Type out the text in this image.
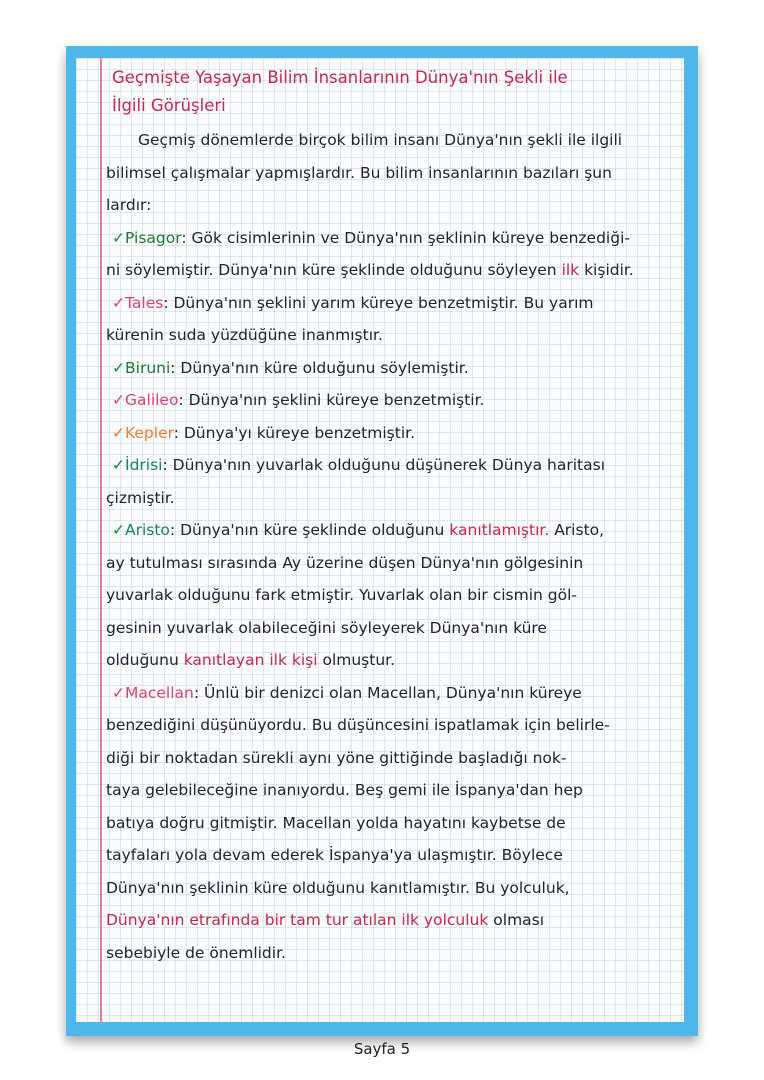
Geçmişte Yaşayan Bilim İnsanlarının Dünya'nın Şekli ile
İlgili Görüşleri
Geçmiş dönemlerde birçok bilim insanı Dünya'nın şekli ile ilgili
bilimsel çalışmalar yapmışlardır. Bu bilim insanlarının bazıları şun
lardır:
✓Pisagor: Gök cisimlerinin ve Dünya'nın şeklinin küreye benzediği-
ni söylemiştir. Dünya'nın küre şeklinde olduğunu söyleyen ilk kişidir.
✓Tales: Dünya'nın şeklini yarım küreye benzetmiştir. Bu yarım
kürenin suda yüzdüğüne inanmıştır.
✓Biruni: Dünya'nın küre olduğunu söylemiştir.
✓Galileo: Dünya'nın şeklini küreye benzetmiştir.
✓Kepler: Dünya'yı küreye benzetmiştir.
✓İdrisi: Dünya'nın yuvarlak olduğunu düşünerek Dünya haritası
çizmiştir.
✓Aristo: Dünya'nın küre şeklinde olduğunu kanıtlamıştır. Aristo,
ay tutulması sırasında Ay üzerine düşen Dünya'nın gölgesinin
yuvarlak olduğunu fark etmiştir. Yuvarlak olan bir cismin göl-
gesinin yuvarlak olabileceğini söyleyerek Dünya'nın küre
olduğunu kanıtlayan ilk kişi olmuştur.
✓Macellan: Ünlü bir denizci olan Macellan, Dünya'nın küreye
benzediğini düşünüyordu. Bu düşüncesini ispatlamak için belirle-
diği bir noktadan sürekli aynı yöne gittiğinde başladığı nok-
taya gelebileceğine inanıyordu. Beş gemi ile İspanya'dan hep
batıya doğru gitmiştir. Macellan yolda hayatını kaybetse de
tayfaları yola devam ederek İspanya'ya ulaşmıştır. Böylece
Dünya'nın şeklinin küre olduğunu kanıtlamıştır. Bu yolculuk,
Dünya'nın etrafında bir tam tur atılan ilk yolculuk olması
sebebiyle de önemlidir.
Sayfa 5
